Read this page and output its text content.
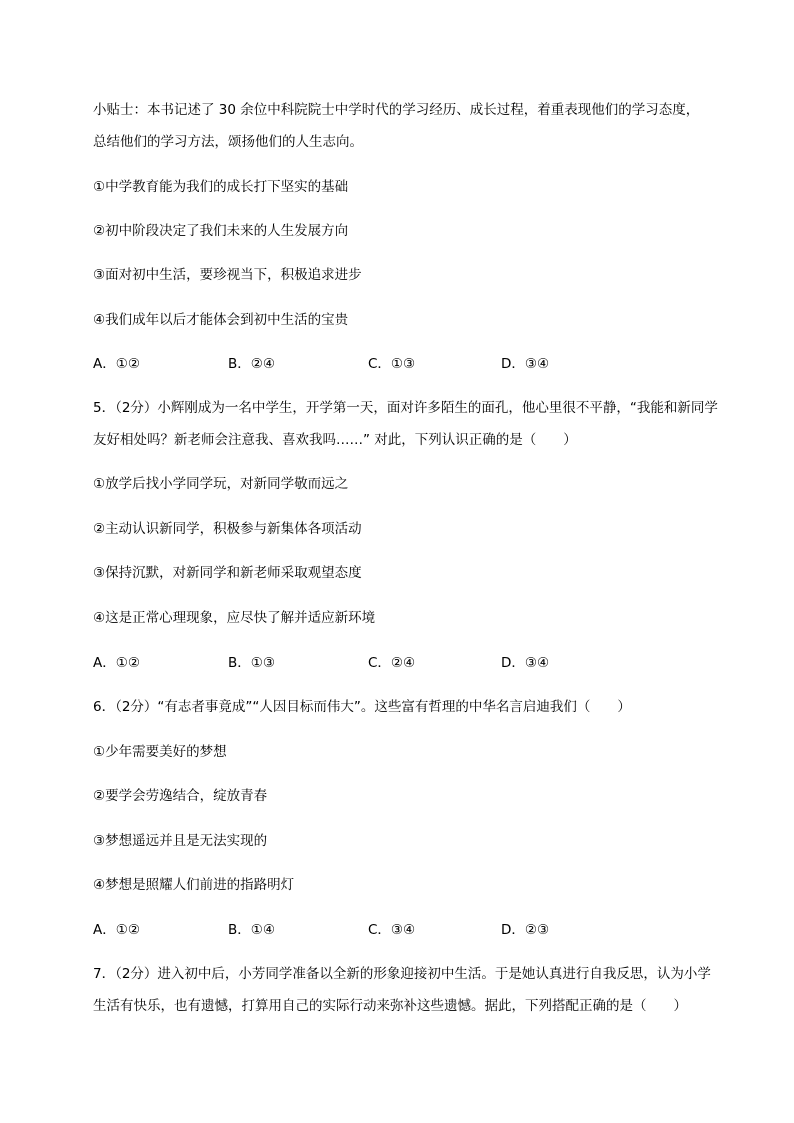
小贴士：本书记述了 30 余位中科院院士中学时代的学习经历、成长过程，着重表现他们的学习态度，
总结他们的学习方法，颂扬他们的人生志向。
①中学教育能为我们的成长打下坚实的基础
②初中阶段决定了我们未来的人生发展方向
③面对初中生活，要珍视当下，积极追求进步
④我们成年以后才能体会到初中生活的宝贵
A．①②	B．②④	C．①③	D．③④
5．（2分）小辉刚成为一名中学生，开学第一天，面对许多陌生的面孔，他心里很不平静，“我能和新同学
友好相处吗？新老师会注意我、喜欢我吗……” 对此，下列认识正确的是（　　）
①放学后找小学同学玩，对新同学敬而远之
②主动认识新同学，积极参与新集体各项活动
③保持沉默，对新同学和新老师采取观望态度
④这是正常心理现象，应尽快了解并适应新环境
A．①②	B．①③	C．②④	D．③④
6．（2分）“有志者事竟成”“人因目标而伟大”。这些富有哲理的中华名言启迪我们（　　）
①少年需要美好的梦想
②要学会劳逸结合，绽放青春
③梦想遥远并且是无法实现的
④梦想是照耀人们前进的指路明灯
A．①②	B．①④	C．③④	D．②③
7．（2分）进入初中后，小芳同学准备以全新的形象迎接初中生活。于是她认真进行自我反思，认为小学
生活有快乐，也有遗憾，打算用自己的实际行动来弥补这些遗憾。据此，下列搭配正确的是（　　）
